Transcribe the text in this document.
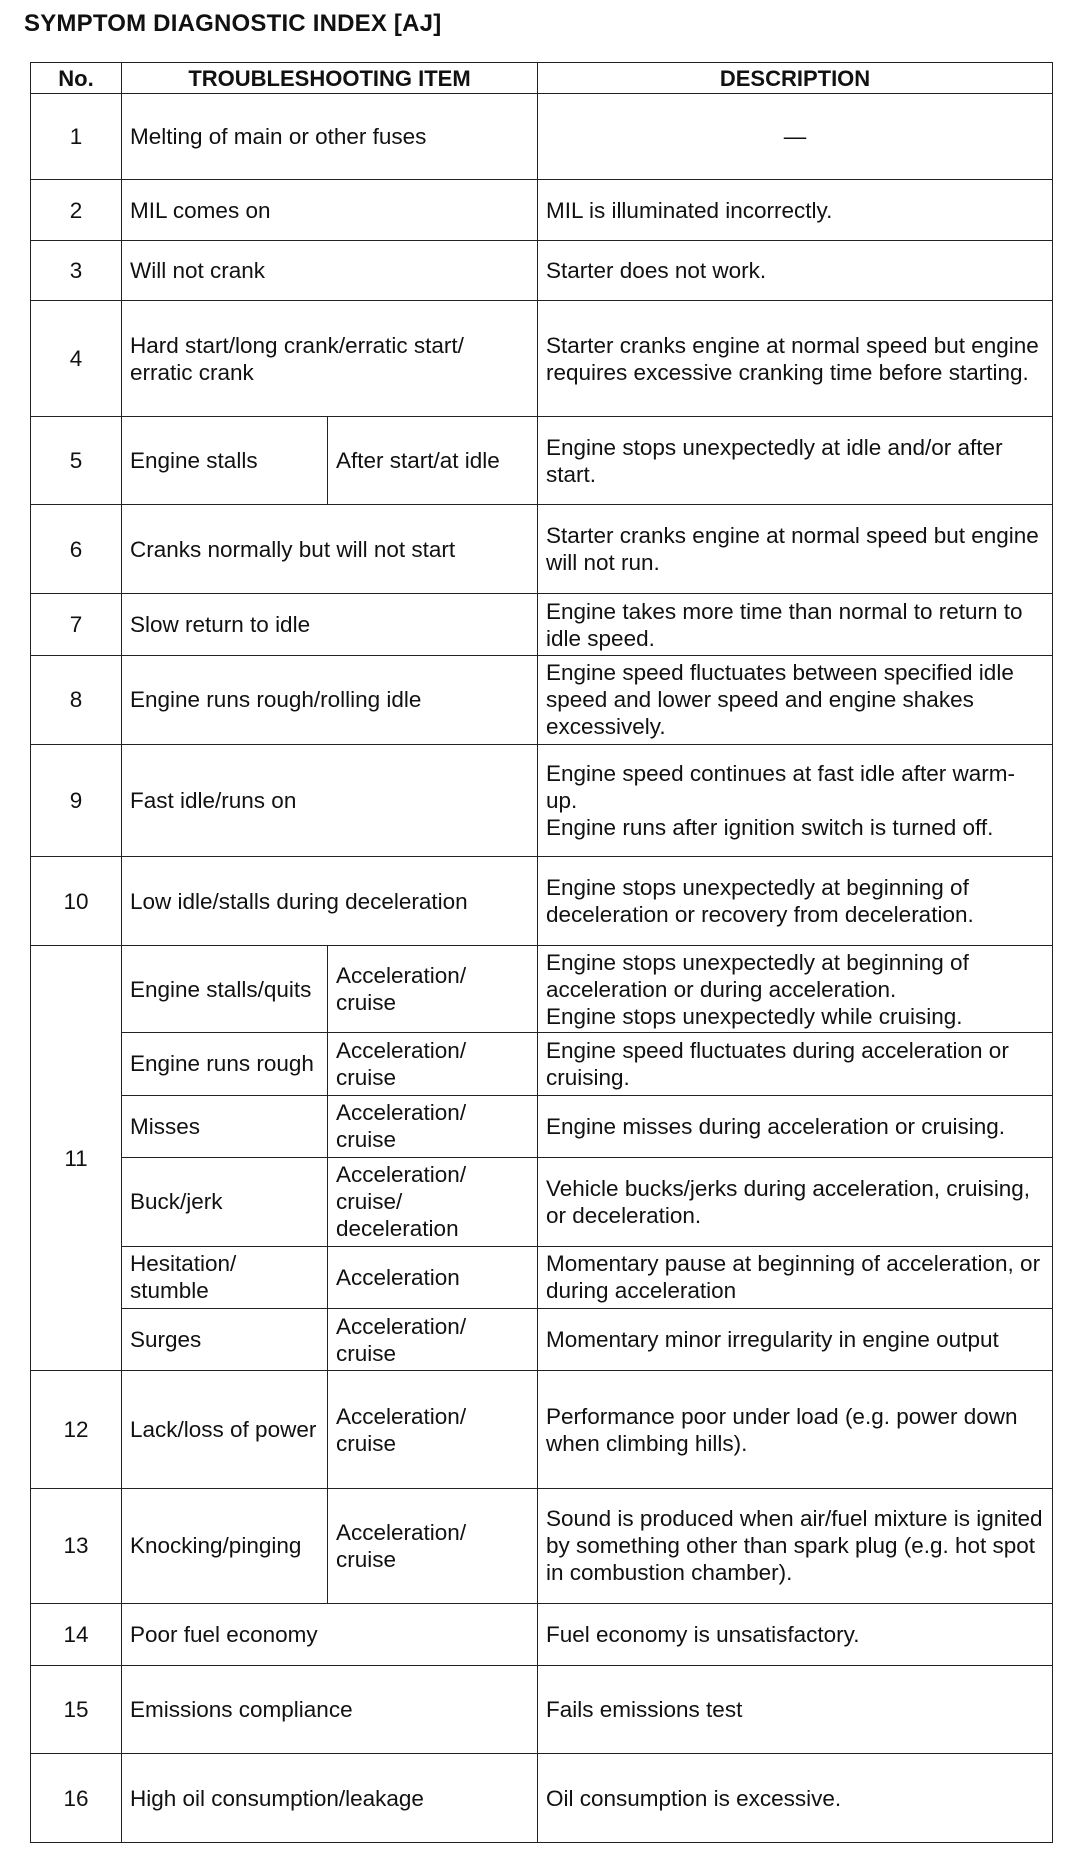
SYMPTOM DIAGNOSTIC INDEX [AJ]
No.	TROUBLESHOOTING ITEM		DESCRIPTION
1	Melting of main or other fuses		—
2	MIL comes on		MIL is illuminated incorrectly.
3	Will not crank		Starter does not work.
4	Hard start/long crank/erratic start/ erratic crank		Starter cranks engine at normal speed but engine requires excessive cranking time before starting.
5	Engine stalls	After start/at idle	Engine stops unexpectedly at idle and/or after start.
6	Cranks normally but will not start		Starter cranks engine at normal speed but engine will not run.
7	Slow return to idle		Engine takes more time than normal to return to idle speed.
8	Engine runs rough/rolling idle		Engine speed fluctuates between specified idle speed and lower speed and engine shakes excessively.
9	Fast idle/runs on		Engine speed continues at fast idle after warm-up.
Engine runs after ignition switch is turned off.

10	Low idle/stalls during deceleration		Engine stops unexpectedly at beginning of deceleration or recovery from deceleration.
11	Engine stalls/quits	Acceleration/ cruise	Engine stops unexpectedly at beginning of acceleration or during acceleration.
Engine stops unexpectedly while cruising.

	Engine runs rough	Acceleration/ cruise	Engine speed fluctuates during acceleration or cruising.
	Misses	Acceleration/ cruise	Engine misses during acceleration or cruising.
	Buck/jerk	Acceleration/ cruise/ deceleration	Vehicle bucks/jerks during acceleration, cruising, or deceleration.
	Hesitation/ stumble	Acceleration	Momentary pause at beginning of acceleration, or during acceleration
	Surges	Acceleration/ cruise	Momentary minor irregularity in engine output
12	Lack/loss of power	Acceleration/ cruise	Performance poor under load (e.g. power down when climbing hills).
13	Knocking/pinging	Acceleration/ cruise	Sound is produced when air/fuel mixture is ignited by something other than spark plug (e.g. hot spot in combustion chamber).
14	Poor fuel economy		Fuel economy is unsatisfactory.
15	Emissions compliance		Fails emissions test
16	High oil consumption/leakage		Oil consumption is excessive.
